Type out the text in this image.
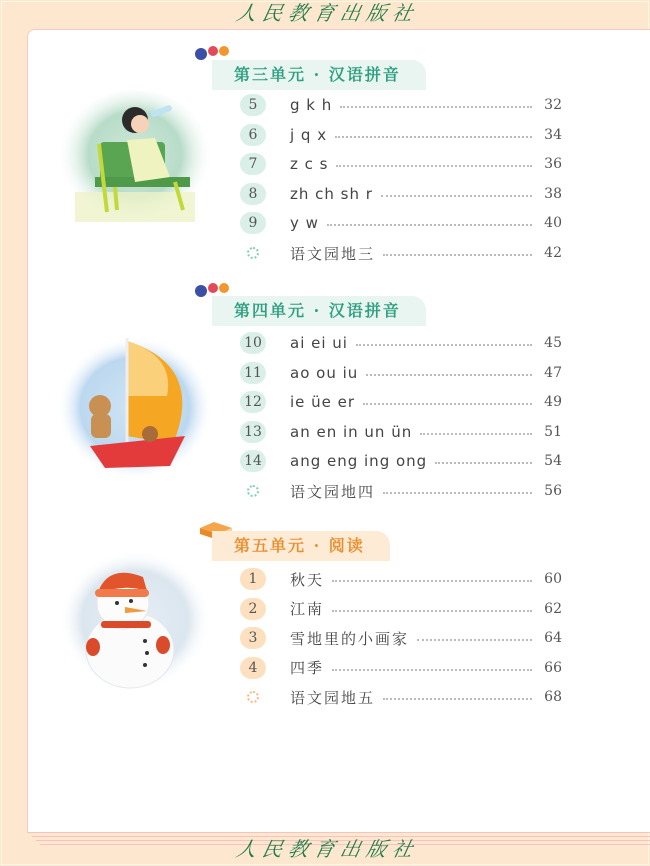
人民教育出版社
人民教育出版社
第三单元 · 汉语拼音
5	g k h	32
6	j q x	34
7	z c s	36
8	zh ch sh r	38
9	y w	40
语文园地三	42
第四单元 · 汉语拼音
10 ai ei ui	45
11 ao ou iu	47
12 ie üe er	49
13 an en in un ün	51
14 ang eng ing ong	54
语文园地四	56
第五单元 · 阅读
1	秋天	60
2	江南	62
3	雪地里的小画家	64
4	四季	66
语文园地五	68
